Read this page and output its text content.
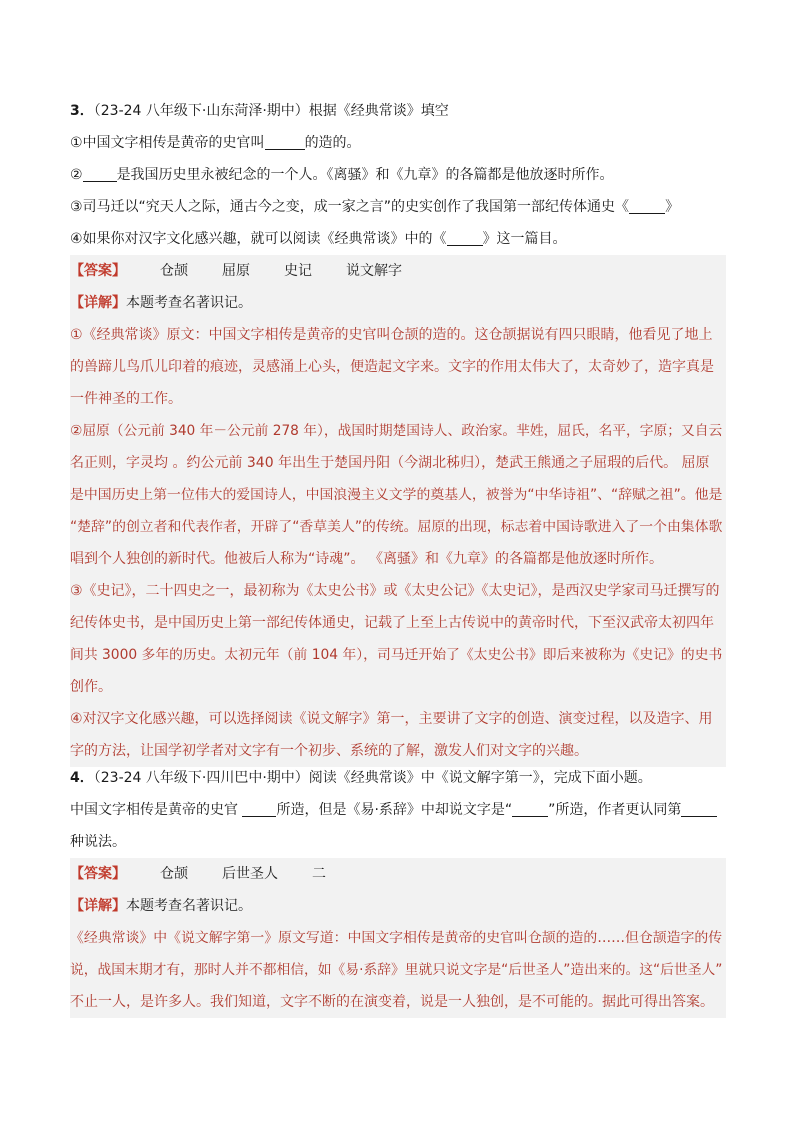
3．（23-24 八年级下·山东菏泽·期中）根据《经典常谈》填空

①中国文字相传是黄帝的史官叫	的造的。

② 是我国历史里永被纪念的一个人。《离骚》和《九章》的各篇都是他放逐时所作。

③司马迁以“究天人之际，通古今之变，成一家之言”的史实创作了我国第一部纪传体通史《	》

④如果你对汉字文化感兴趣，就可以阅读《经典常谈》中的《	》这一篇目。

【答案】 仓颉 屈原 史记 说文解字

【详解】本题考查名著识记。

①《经典常谈》原文：中国文字相传是黄帝的史官叫仓颉的造的。这仓颉据说有四只眼睛，他看见了地上

的兽蹄儿鸟爪儿印着的痕迹，灵感涌上心头，便造起文字来。文字的作用太伟大了，太奇妙了，造字真是

一件神圣的工作。

②屈原（公元前 340 年－公元前 278 年），战国时期楚国诗人、政治家。芈姓，屈氏，名平，字原；又自云

名正则，字灵均 。约公元前 340 年出生于楚国丹阳（今湖北秭归），楚武王熊通之子屈瑕的后代。 屈原

是中国历史上第一位伟大的爱国诗人，中国浪漫主义文学的奠基人，被誉为“中华诗祖”、“辞赋之祖”。他是

“楚辞”的创立者和代表作者，开辟了“香草美人”的传统。屈原的出现，标志着中国诗歌进入了一个由集体歌

唱到个人独创的新时代。他被后人称为“诗魂”。 《离骚》和《九章》的各篇都是他放逐时所作。

③《史记》，二十四史之一，最初称为《太史公书》或《太史公记》《太史记》，是西汉史学家司马迁撰写的

纪传体史书，是中国历史上第一部纪传体通史，记载了上至上古传说中的黄帝时代，下至汉武帝太初四年

间共 3000 多年的历史。太初元年（前 104 年），司马迁开始了《太史公书》即后来被称为《史记》的史书

创作。

④对汉字文化感兴趣，可以选择阅读《说文解字》第一，主要讲了文字的创造、演变过程，以及造字、用

字的方法，让国学初学者对文字有一个初步、系统的了解，激发人们对文字的兴趣。

4．（23-24 八年级下·四川巴中·期中）阅读《经典常谈》中《说文解字第一》，完成下面小题。

中国文字相传是黄帝的史官 所造，但是《易·系辞》中却说文字是“	”所造，作者更认同第

种说法。

【答案】 仓颉 后世圣人 二

【详解】本题考查名著识记。

《经典常谈》中《说文解字第一》原文写道：中国文字相传是黄帝的史官叫仓颉的造的……但仓颉造字的传

说，战国末期才有，那时人并不都相信，如《易·系辞》里就只说文字是“后世圣人”造出来的。这“后世圣人”

不止一人，是许多人。我们知道，文字不断的在演变着，说是一人独创，是不可能的。据此可得出答案。
